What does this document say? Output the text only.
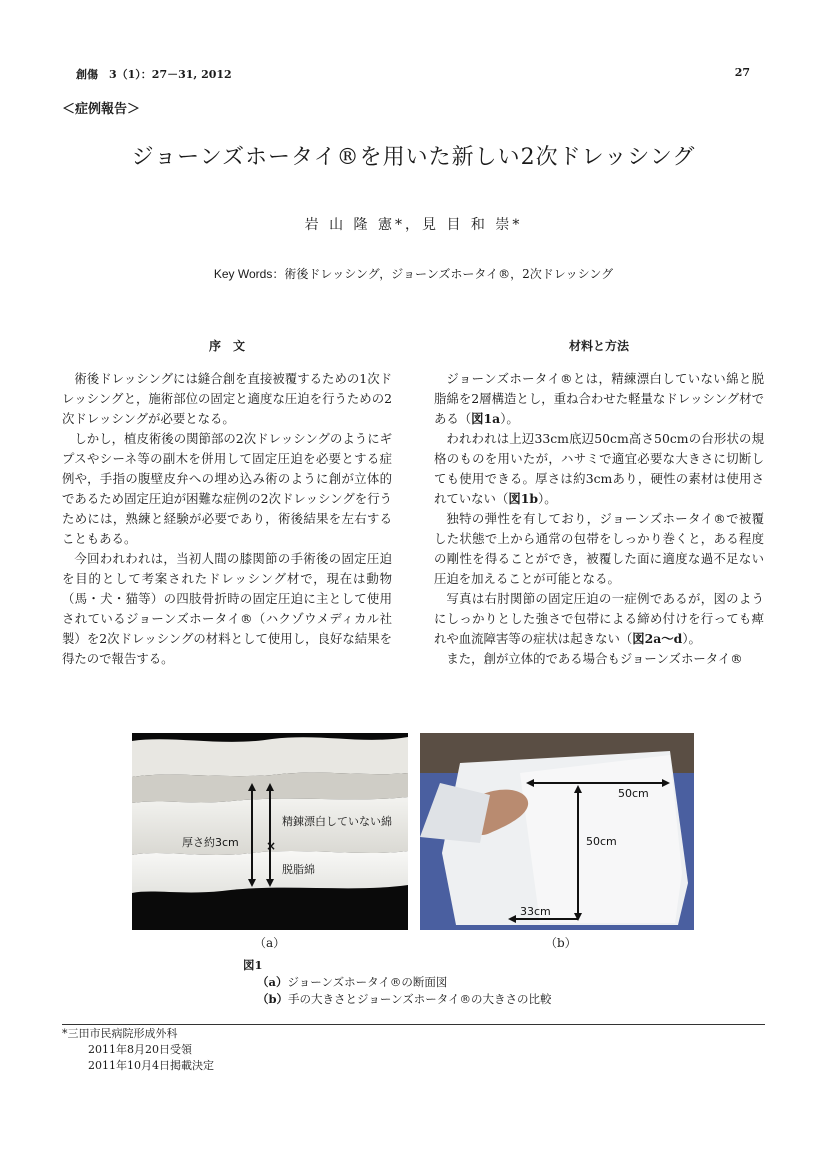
創傷　3（1）：27－31, 2012	27
＜症例報告＞
ジョーンズホータイ®を用いた新しい2次ドレッシング
岩 山 隆 憲*，見 目 和 崇*
Key Words：術後ドレッシング，ジョーンズホータイ®，2次ドレッシング
序　文	材料と方法

術後ドレッシングには縫合創を直接被覆するための1次ドレッシングと，施術部位の固定と適度な圧迫を行うための2次ドレッシングが必要となる。

しかし，植皮術後の関節部の2次ドレッシングのようにギプスやシーネ等の副木を併用して固定圧迫を必要とする症例や，手指の腹壁皮弁への埋め込み術のように創が立体的であるため固定圧迫が困難な症例の2次ドレッシングを行うためには，熟練と経験が必要であり，術後結果を左右することもある。

今回われわれは，当初人間の膝関節の手術後の固定圧迫を目的として考案されたドレッシング材で，現在は動物（馬・犬・猫等）の四肢骨折時の固定圧迫に主として使用されているジョーンズホータイ®（ハクゾウメディカル社製）を2次ドレッシングの材料として使用し，良好な結果を得たので報告する。

ジョーンズホータイ®とは，精練漂白していない綿と脱脂綿を2層構造とし，重ね合わせた軽量なドレッシング材である（図1a）。

われわれは上辺33cm底辺50cm高さ50cmの台形状の規格のものを用いたが，ハサミで適宜必要な大きさに切断しても使用できる。厚さは約3cmあり，硬性の素材は使用されていない（図1b）。

独特の弾性を有しており，ジョーンズホータイ®で被覆した状態で上から通常の包帯をしっかり巻くと，ある程度の剛性を得ることができ，被覆した面に適度な過不足ない圧迫を加えることが可能となる。

写真は右肘関節の固定圧迫の一症例であるが，図のようにしっかりとした強さで包帯による締め付けを行っても痺れや血流障害等の症状は起きない（図2a～d）。

また，創が立体的である場合もジョーンズホータイ®

×
精錬漂白していない綿
厚さ約3cm
脱脂綿
50cm
50cm
33cm
（a）	（b）
図1
（a）ジョーンズホータイ®の断面図
（b）手の大きさとジョーンズホータイ®の大きさの比較
*三田市民病院形成外科
2011年8月20日受領
2011年10月4日掲載決定
